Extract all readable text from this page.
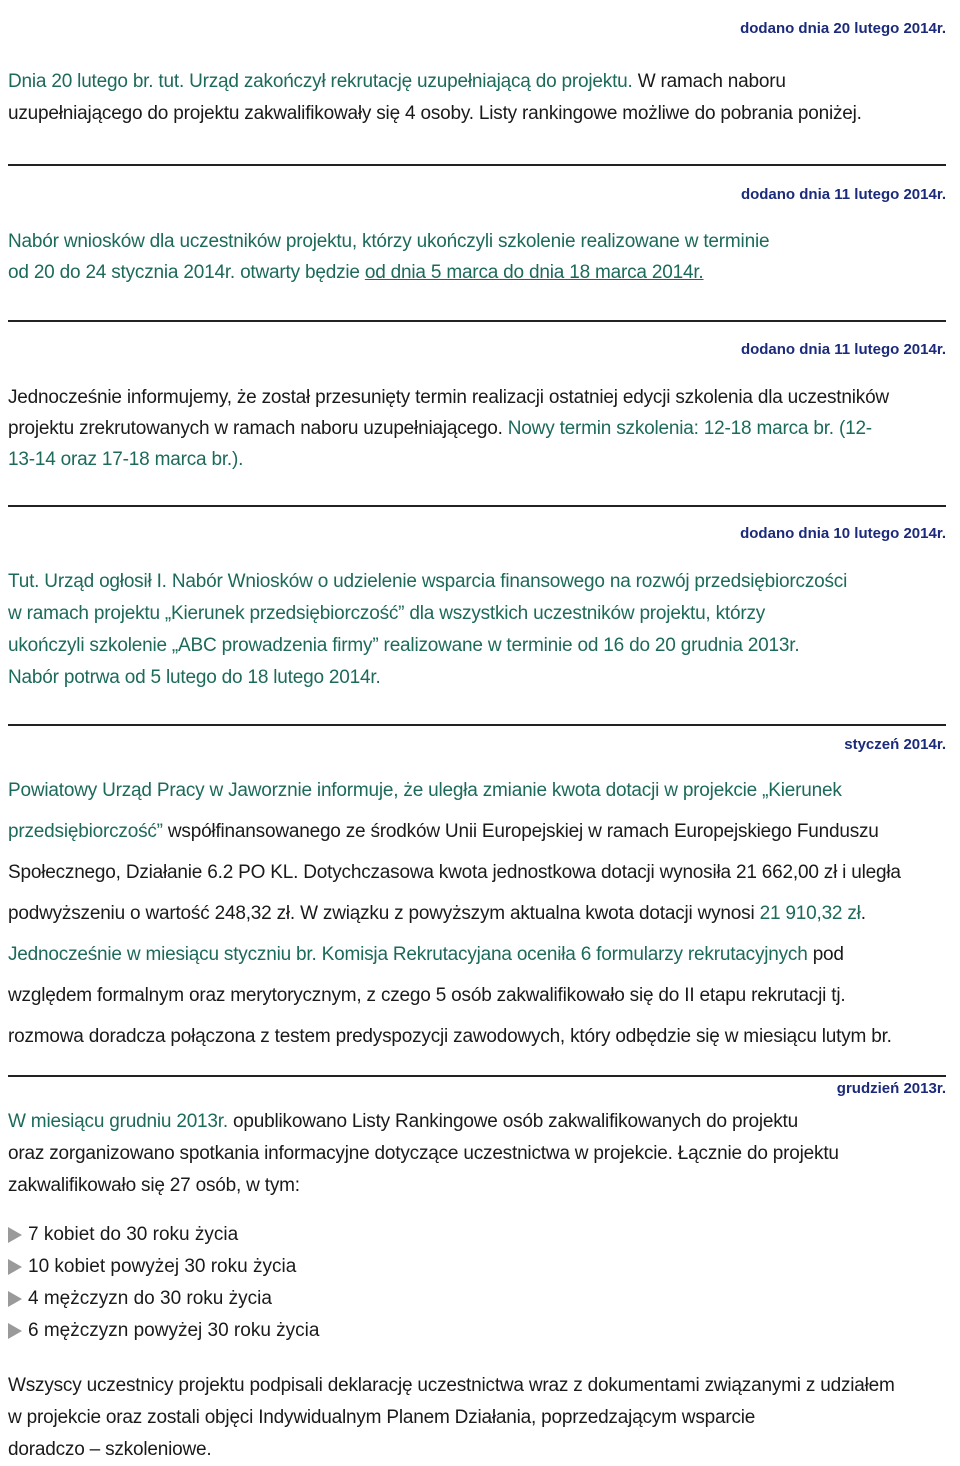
dodano dnia 20 lutego 2014r.
Dnia 20 lutego br. tut. Urząd zakończył rekrutację uzupełniającą do projektu. W ramach naboru
uzupełniającego do projektu zakwalifikowały się 4 osoby. Listy rankingowe możliwe do pobrania poniżej.
dodano dnia 11 lutego 2014r.
Nabór wniosków dla uczestników projektu, którzy ukończyli szkolenie realizowane w terminie
od 20 do 24 stycznia 2014r. otwarty będzie od dnia 5 marca do dnia 18 marca 2014r.
dodano dnia 11 lutego 2014r.
Jednocześnie informujemy, że został przesunięty termin realizacji ostatniej edycji szkolenia dla uczestników
projektu zrekrutowanych w ramach naboru uzupełniającego. Nowy termin szkolenia: 12-18 marca br. (12-
13-14 oraz 17-18 marca br.).
dodano dnia 10 lutego 2014r.
Tut. Urząd ogłosił I. Nabór Wniosków o udzielenie wsparcia finansowego na rozwój przedsiębiorczości
w ramach projektu „Kierunek przedsiębiorczość” dla wszystkich uczestników projektu, którzy
ukończyli szkolenie „ABC prowadzenia firmy” realizowane w terminie od 16 do 20 grudnia 2013r.
Nabór potrwa od 5 lutego do 18 lutego 2014r.
styczeń 2014r.
Powiatowy Urząd Pracy w Jaworznie informuje, że uległa zmianie kwota dotacji w projekcie „Kierunek
przedsiębiorczość” współfinansowanego ze środków Unii Europejskiej w ramach Europejskiego Funduszu
Społecznego, Działanie 6.2 PO KL. Dotychczasowa kwota jednostkowa dotacji wynosiła 21 662,00 zł i uległa
podwyższeniu o wartość 248,32 zł. W związku z powyższym aktualna kwota dotacji wynosi 21 910,32 zł.
Jednocześnie w miesiącu styczniu br. Komisja Rekrutacyjana oceniła 6 formularzy rekrutacyjnych pod
względem formalnym oraz merytorycznym, z czego 5 osób zakwalifikowało się do II etapu rekrutacji tj.
rozmowa doradcza połączona z testem predyspozycji zawodowych, który odbędzie się w miesiącu lutym br.
grudzień 2013r.
W miesiącu grudniu 2013r. opublikowano Listy Rankingowe osób zakwalifikowanych do projektu
oraz zorganizowano spotkania informacyjne dotyczące uczestnictwa w projekcie. Łącznie do projektu
zakwalifikowało się 27 osób, w tym:
7 kobiet do 30 roku życia
10 kobiet powyżej 30 roku życia
4 mężczyzn do 30 roku życia
6 mężczyzn powyżej 30 roku życia
Wszyscy uczestnicy projektu podpisali deklarację uczestnictwa wraz z dokumentami związanymi z udziałem
w projekcie oraz zostali objęci Indywidualnym Planem Działania, poprzedzającym wsparcie
doradczo – szkoleniowe.
